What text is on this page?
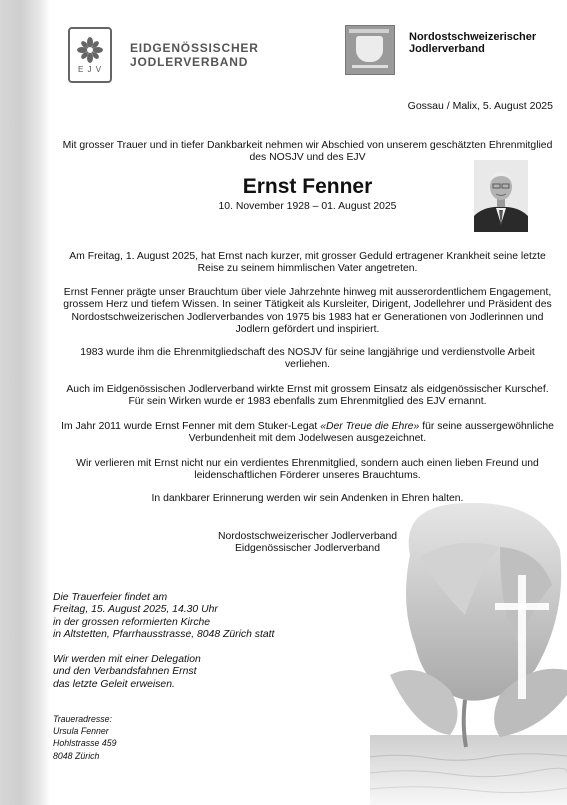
E J V
EIDGENÖSSISCHER
JODLERVERBAND
Nordostschweizerischer
Jodlerverband
Gossau / Malix, 5. August 2025
Mit grosser Trauer und in tiefer Dankbarkeit nehmen wir Abschied von unserem geschätzten Ehrenmitglied des NOSJV und des EJV
Ernst Fenner
10. November 1928 – 01. August 2025
Am Freitag, 1. August 2025, hat Ernst nach kurzer, mit grosser Geduld ertragener Krankheit seine letzte Reise zu seinem himmlischen Vater angetreten.
Ernst Fenner prägte unser Brauchtum über viele Jahrzehnte hinweg mit ausserordentlichem Engagement, grossem Herz und tiefem Wissen. In seiner Tätigkeit als Kursleiter, Dirigent, Jodellehrer und Präsident des Nordostschweizerischen Jodlerverbandes von 1975 bis 1983 hat er Generationen von Jodlerinnen und Jodlern gefördert und inspiriert.
1983 wurde ihm die Ehrenmitgliedschaft des NOSJV für seine langjährige und verdienstvolle Arbeit verliehen.
Auch im Eidgenössischen Jodlerverband wirkte Ernst mit grossem Einsatz als eidgenössischer Kurschef. Für sein Wirken wurde er 1983 ebenfalls zum Ehrenmitglied des EJV ernannt.
Im Jahr 2011 wurde Ernst Fenner mit dem Stuker-Legat «Der Treue die Ehre» für seine aussergewöhnliche Verbundenheit mit dem Jodelwesen ausgezeichnet.
Wir verlieren mit Ernst nicht nur ein verdientes Ehrenmitglied, sondern auch einen lieben Freund und leidenschaftlichen Förderer unseres Brauchtums.
In dankbarer Erinnerung werden wir sein Andenken in Ehren halten.
Nordostschweizerischer Jodlerverband
Eidgenössischer Jodlerverband
Die Trauerfeier findet am
Freitag, 15. August 2025, 14.30 Uhr
in der grossen reformierten Kirche
in Altstetten, Pfarrhausstrasse, 8048 Zürich statt
Wir werden mit einer Delegation
und den Verbandsfahnen Ernst
das letzte Geleit erweisen.
Traueradresse:
Ursula Fenner
Hohlstrasse 459
8048 Zürich
